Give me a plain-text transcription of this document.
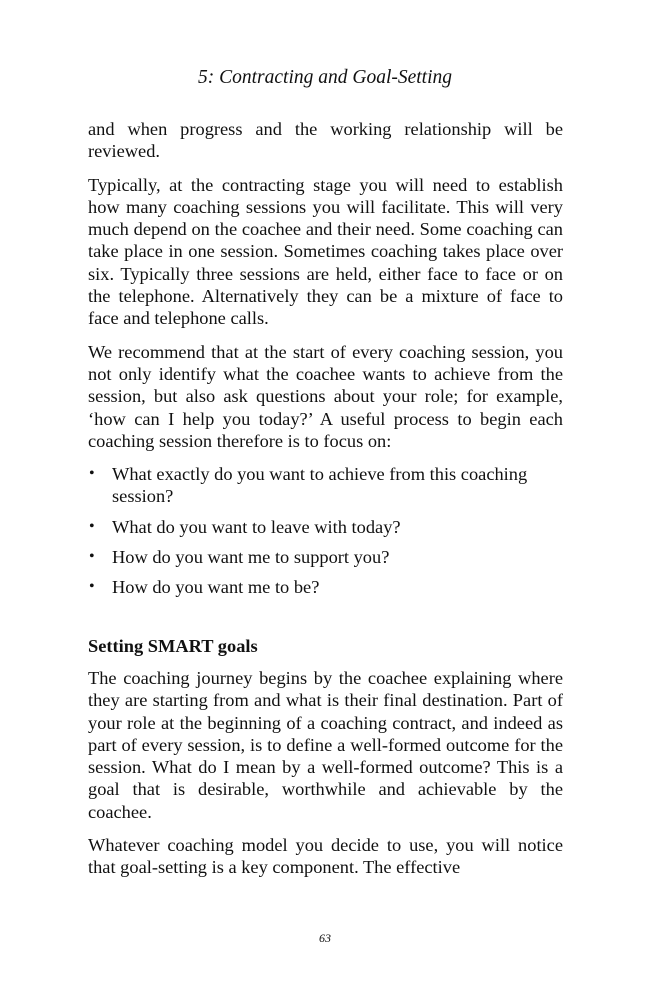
5: Contracting and Goal-Setting

and when progress and the working relationship will be reviewed.

Typically, at the contracting stage you will need to establish how many coaching sessions you will facilitate. This will very much depend on the coachee and their need. Some coaching can take place in one session. Sometimes coaching takes place over six. Typically three sessions are held, either face to face or on the telephone. Alternatively they can be a mixture of face to face and telephone calls.

We recommend that at the start of every coaching session, you not only identify what the coachee wants to achieve from the session, but also ask questions about your role; for example, ‘how can I help you today?’ A useful process to begin each coaching session therefore is to focus on:

• What exactly do you want to achieve from this coaching session?
• What do you want to leave with today?
• How do you want me to support you?
• How do you want me to be?
Setting SMART goals

The coaching journey begins by the coachee explaining where they are starting from and what is their final destination. Part of your role at the beginning of a coaching contract, and indeed as part of every session, is to define a well-formed outcome for the session. What do I mean by a well-formed outcome? This is a goal that is desirable, worthwhile and achievable by the coachee.

Whatever coaching model you decide to use, you will notice that goal-setting is a key component. The effective

63
